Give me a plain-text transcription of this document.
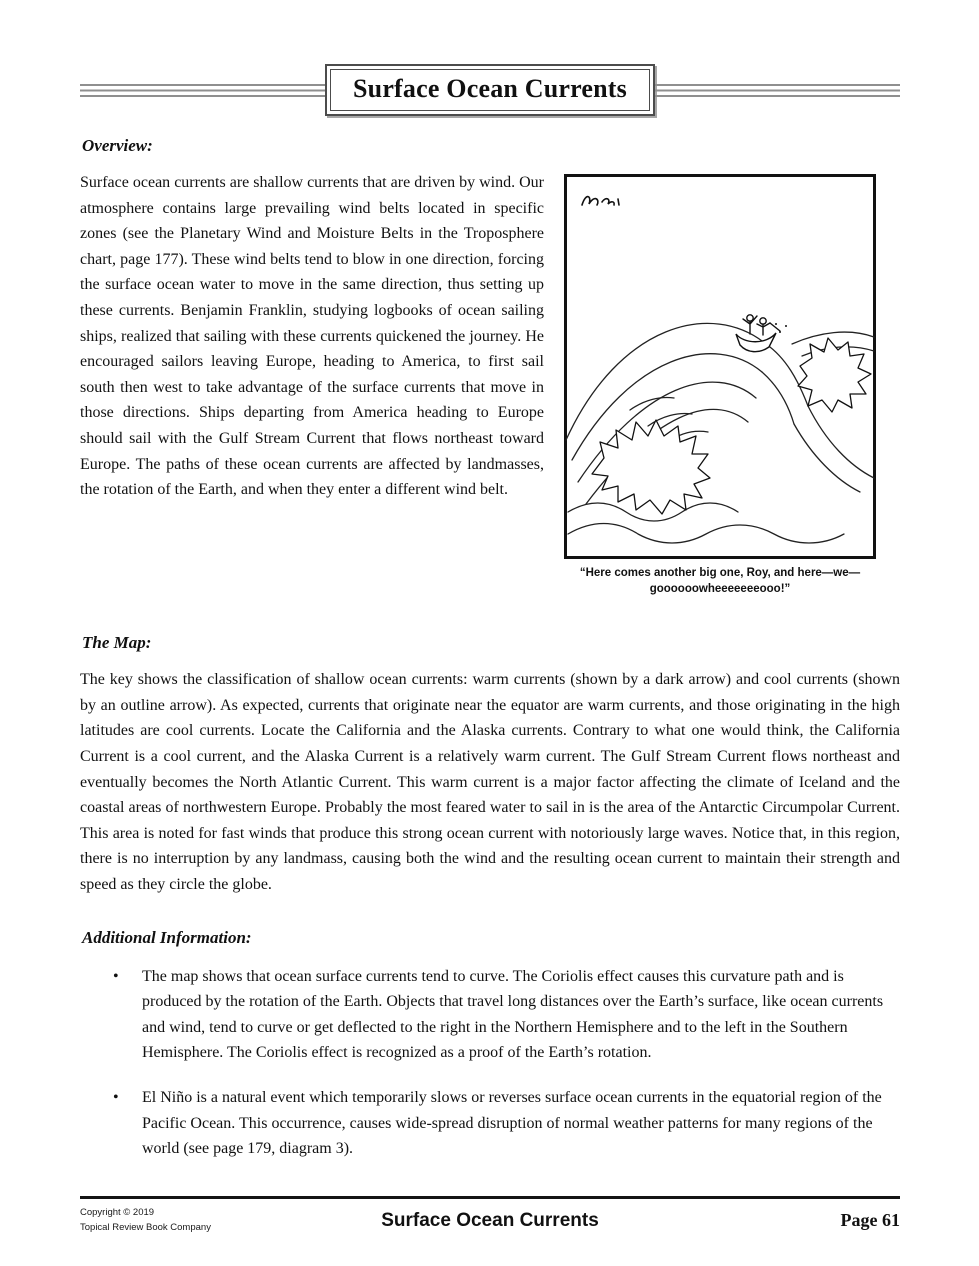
Surface Ocean Currents
Overview:
“Here comes another big one, Roy, and here—we—
goooooowheeeeeeeooo!”

Surface ocean currents are shallow currents that are driven by wind. Our atmosphere contains large prevailing wind belts located in specific zones (see the Planetary Wind and Moisture Belts in the Troposphere chart, page 177). These wind belts tend to blow in one direction, forcing the surface ocean water to move in the same direction, thus setting up these currents. Benjamin Franklin, studying logbooks of ocean sailing ships, realized that sailing with these currents quickened the journey. He encouraged sailors leaving Europe, heading to America, to first sail south then west to take advantage of the surface currents that move in those directions. Ships departing from America heading to Europe should sail with the Gulf Stream Current that flows northeast toward Europe. The paths of these ocean currents are affected by landmasses, the rotation of the Earth, and when they enter a different wind belt.

The Map:

The key shows the classification of shallow ocean currents: warm currents (shown by a dark arrow) and cool currents (shown by an outline arrow). As expected, currents that originate near the equator are warm currents, and those originating in the high latitudes are cool currents. Locate the California and the Alaska currents. Contrary to what one would think, the California Current is a cool current, and the Alaska Current is a relatively warm current. The Gulf Stream Current flows northeast and eventually becomes the North Atlantic Current. This warm current is a major factor affecting the climate of Iceland and the coastal areas of northwestern Europe. Probably the most feared water to sail in is the area of the Antarctic Circumpolar Current. This area is noted for fast winds that produce this strong ocean current with notoriously large waves. Notice that, in this region, there is no interruption by any landmass, causing both the wind and the resulting ocean current to maintain their strength and speed as they circle the globe.

Additional Information:
• The map shows that ocean surface currents tend to curve. The Coriolis effect causes this curvature path and is produced by the rotation of the Earth. Objects that travel long distances over the Earth’s surface, like ocean currents and wind, tend to curve or get deflected to the right in the Northern Hemisphere and to the left in the Southern Hemisphere. The Coriolis effect is recognized as a proof of the Earth’s rotation.
• El Niño is a natural event which temporarily slows or reverses surface ocean currents in the equatorial region of the Pacific Ocean. This occurrence, causes wide-spread disruption of normal weather patterns for many regions of the world (see page 179, diagram 3).
Copyright © 2019
Topical Review Book Company	Surface Ocean Currents	Page 61
